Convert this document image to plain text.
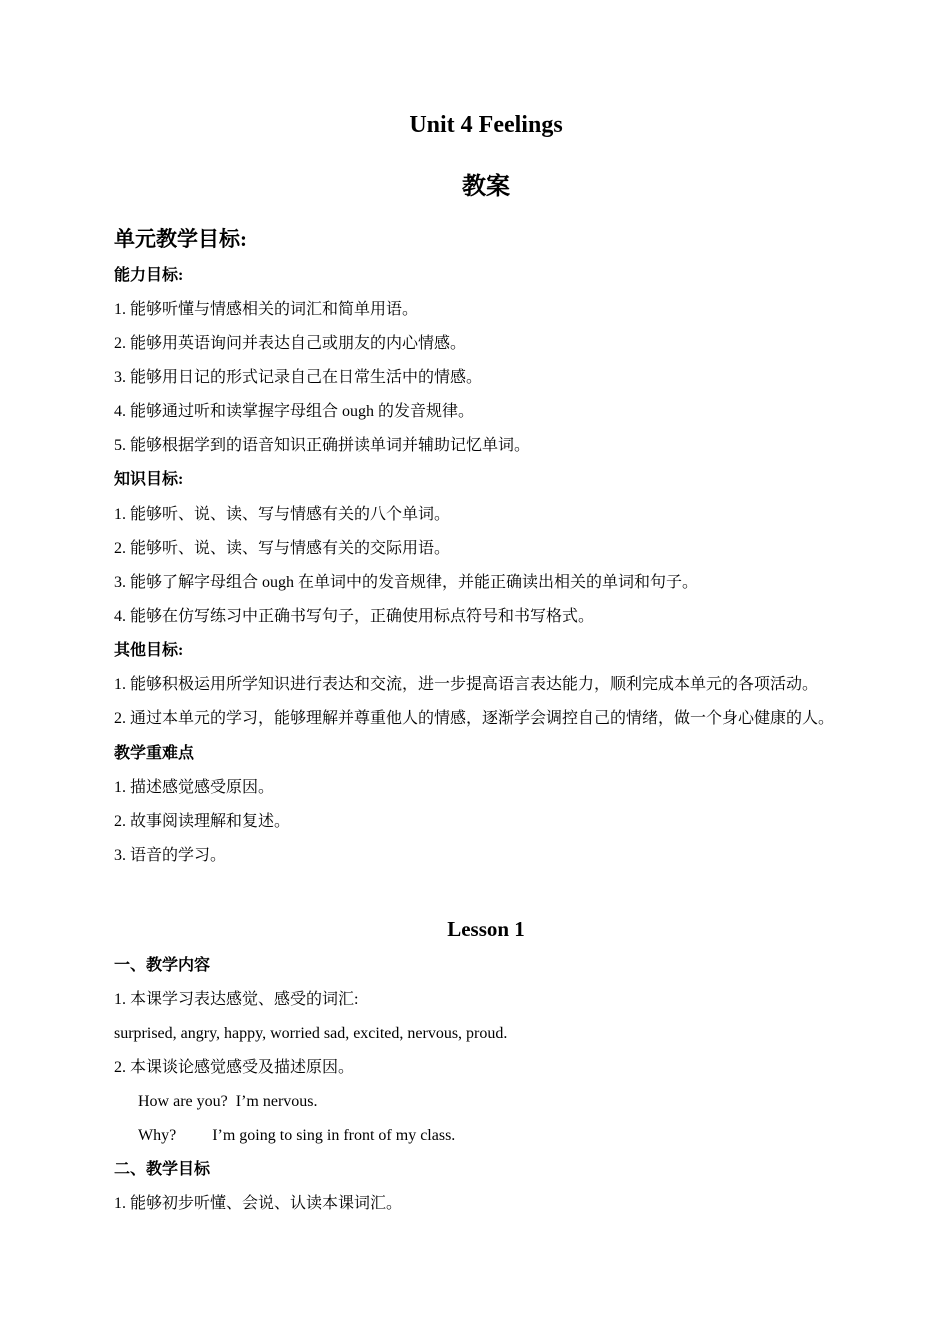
Unit 4 Feelings
教案
单元教学目标:
能力目标:
1. 能够听懂与情感相关的词汇和简单用语。
2. 能够用英语询问并表达自己或朋友的内心情感。
3. 能够用日记的形式记录自己在日常生活中的情感。
4. 能够通过听和读掌握字母组合 ough 的发音规律。
5. 能够根据学到的语音知识正确拼读单词并辅助记忆单词。
知识目标:
1. 能够听、说、读、写与情感有关的八个单词。
2. 能够听、说、读、写与情感有关的交际用语。
3. 能够了解字母组合 ough 在单词中的发音规律，并能正确读出相关的单词和句子。
4. 能够在仿写练习中正确书写句子，正确使用标点符号和书写格式。
其他目标:
1. 能够积极运用所学知识进行表达和交流，进一步提高语言表达能力，顺利完成本单元的各项活动。
2. 通过本单元的学习，能够理解并尊重他人的情感，逐渐学会调控自己的情绪，做一个身心健康的人。
教学重难点
1. 描述感觉感受原因。
2. 故事阅读理解和复述。
3. 语音的学习。
Lesson 1
一、教学内容
1. 本课学习表达感觉、感受的词汇:
surprised, angry, happy, worried sad, excited, nervous, proud.
2. 本课谈论感觉感受及描述原因。
How are you? I’m nervous.
Why? I’m going to sing in front of my class.
二、教学目标
1. 能够初步听懂、会说、认读本课词汇。
